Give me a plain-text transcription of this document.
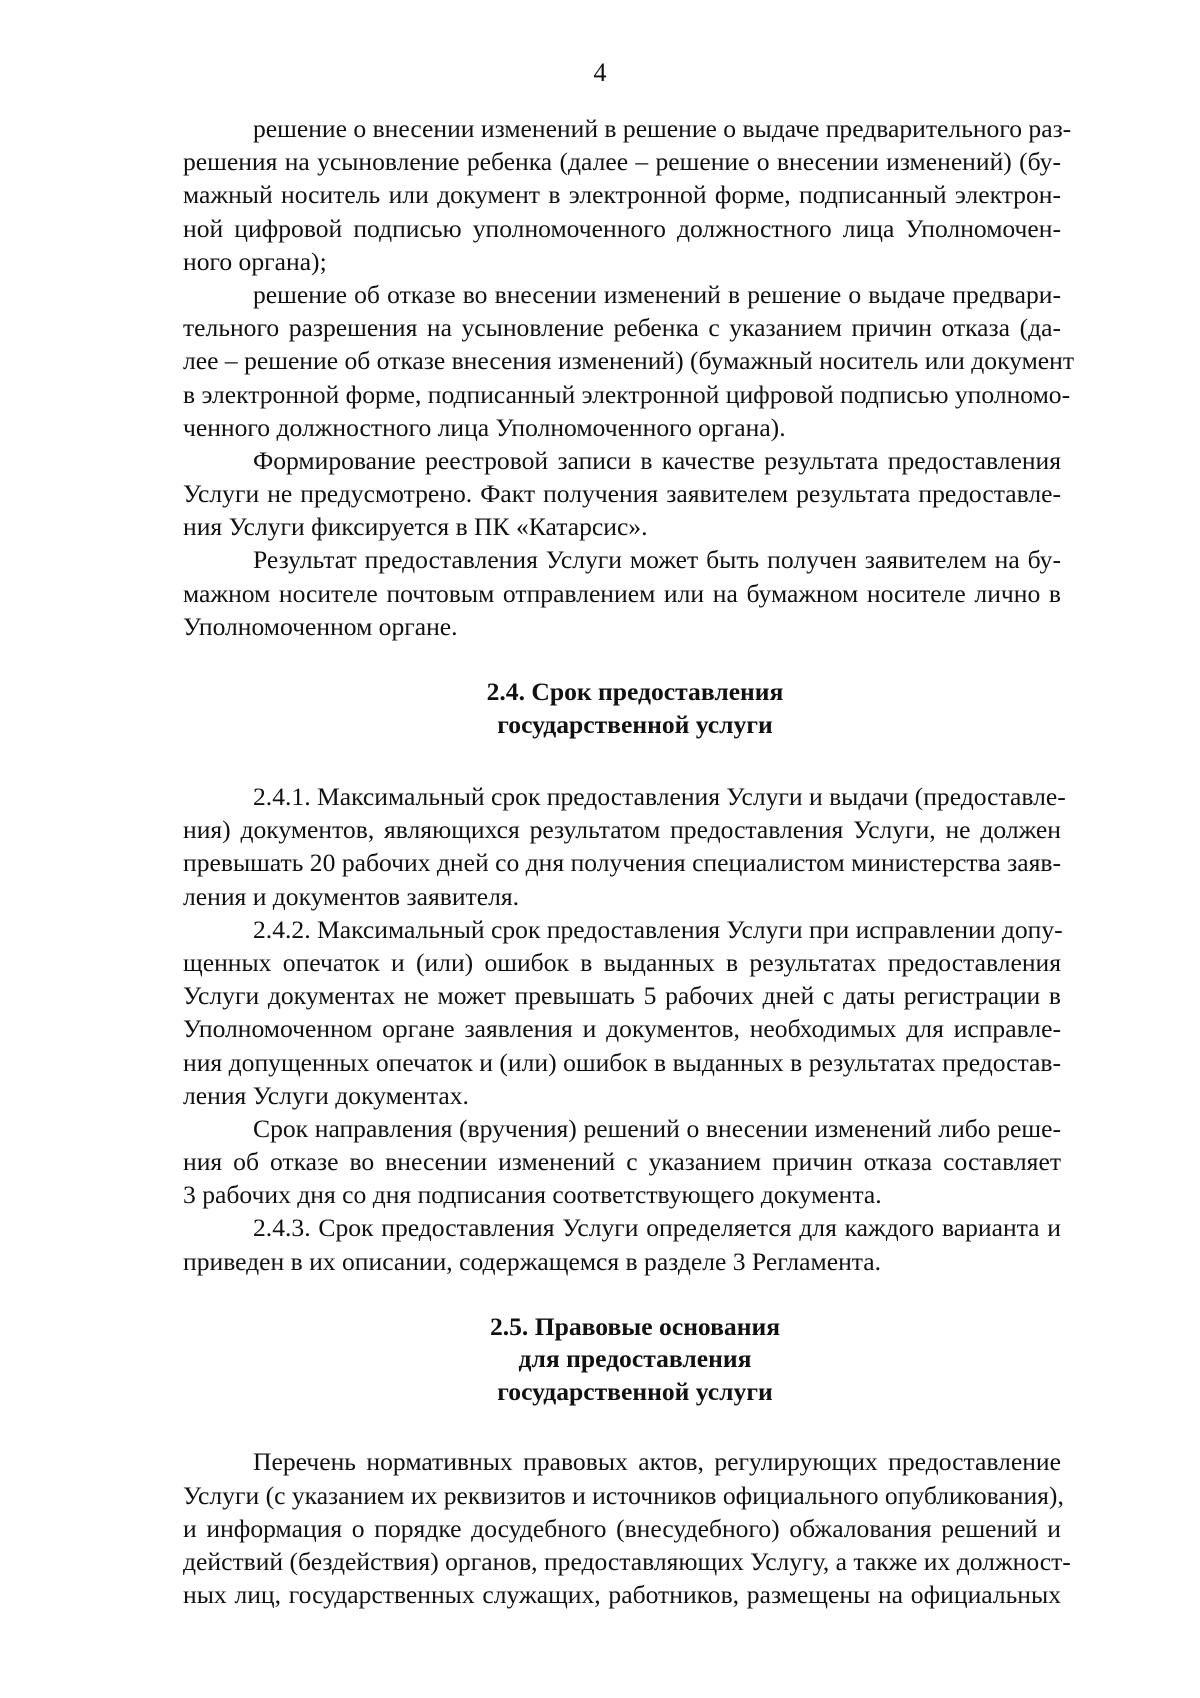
4
решение о внесении изменений в решение о выдаче предварительного раз-
решения на усыновление ребенка (далее – решение о внесении изменений) (бу-
мажный носитель или документ в электронной форме, подписанный электрон-
ной цифровой подписью уполномоченного должностного лица Уполномочен-
ного органа);
решение об отказе во внесении изменений в решение о выдаче предвари-
тельного разрешения на усыновление ребенка с указанием причин отказа (да-
лее – решение об отказе внесения изменений) (бумажный носитель или документ
в электронной форме, подписанный электронной цифровой подписью уполномо-
ченного должностного лица Уполномоченного органа).
Формирование реестровой записи в качестве результата предоставления
Услуги не предусмотрено. Факт получения заявителем результата предоставле-
ния Услуги фиксируется в ПК «Катарсис».
Результат предоставления Услуги может быть получен заявителем на бу-
мажном носителе почтовым отправлением или на бумажном носителе лично в
Уполномоченном органе.
2.4. Срок предоставления
государственной услуги
2.4.1. Максимальный срок предоставления Услуги и выдачи (предоставле-
ния) документов, являющихся результатом предоставления Услуги, не должен
превышать 20 рабочих дней со дня получения специалистом министерства заяв-
ления и документов заявителя.
2.4.2. Максимальный срок предоставления Услуги при исправлении допу-
щенных опечаток и (или) ошибок в выданных в результатах предоставления
Услуги документах не может превышать 5 рабочих дней с даты регистрации в
Уполномоченном органе заявления и документов, необходимых для исправле-
ния допущенных опечаток и (или) ошибок в выданных в результатах предостав-
ления Услуги документах.
Срок направления (вручения) решений о внесении изменений либо реше-
ния об отказе во внесении изменений с указанием причин отказа составляет
3 рабочих дня со дня подписания соответствующего документа.
2.4.3. Срок предоставления Услуги определяется для каждого варианта и
приведен в их описании, содержащемся в разделе 3 Регламента.
2.5. Правовые основания
для предоставления
государственной услуги
Перечень нормативных правовых актов, регулирующих предоставление
Услуги (с указанием их реквизитов и источников официального опубликования),
и информация о порядке досудебного (внесудебного) обжалования решений и
действий (бездействия) органов, предоставляющих Услугу, а также их должност-
ных лиц, государственных служащих, работников, размещены на официальных
